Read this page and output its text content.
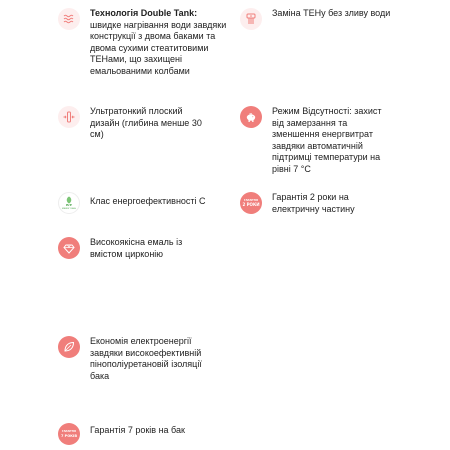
Технологія Double Tank: швидке нагрівання води завдяки конструкції з двома баками та двома сухими стеатитовими ТЕНами, що захищені емальованими колбами
Заміна ТЕНу без зливу води
Ультратонкий плоский дизайн (глибина менше 30 см)
Режим Відсутності: захист від замерзання та зменшення енергвитрат завдяки автоматичній підтримці температури на рівні 7 °С
ErP
ENERGY CLASS
Клас енергоефективності С	ГАРАНТІЯ
2 РОКИ
Гарантія 2 роки на електричну частину
Високоякісна емаль із вмістом цирконію
Економія електроенергії завдяки високоефективній пінополіуретановій ізоляції бака
ГАРАНТІЯ
7 РОКІВ
Гарантія 7 років на бак
